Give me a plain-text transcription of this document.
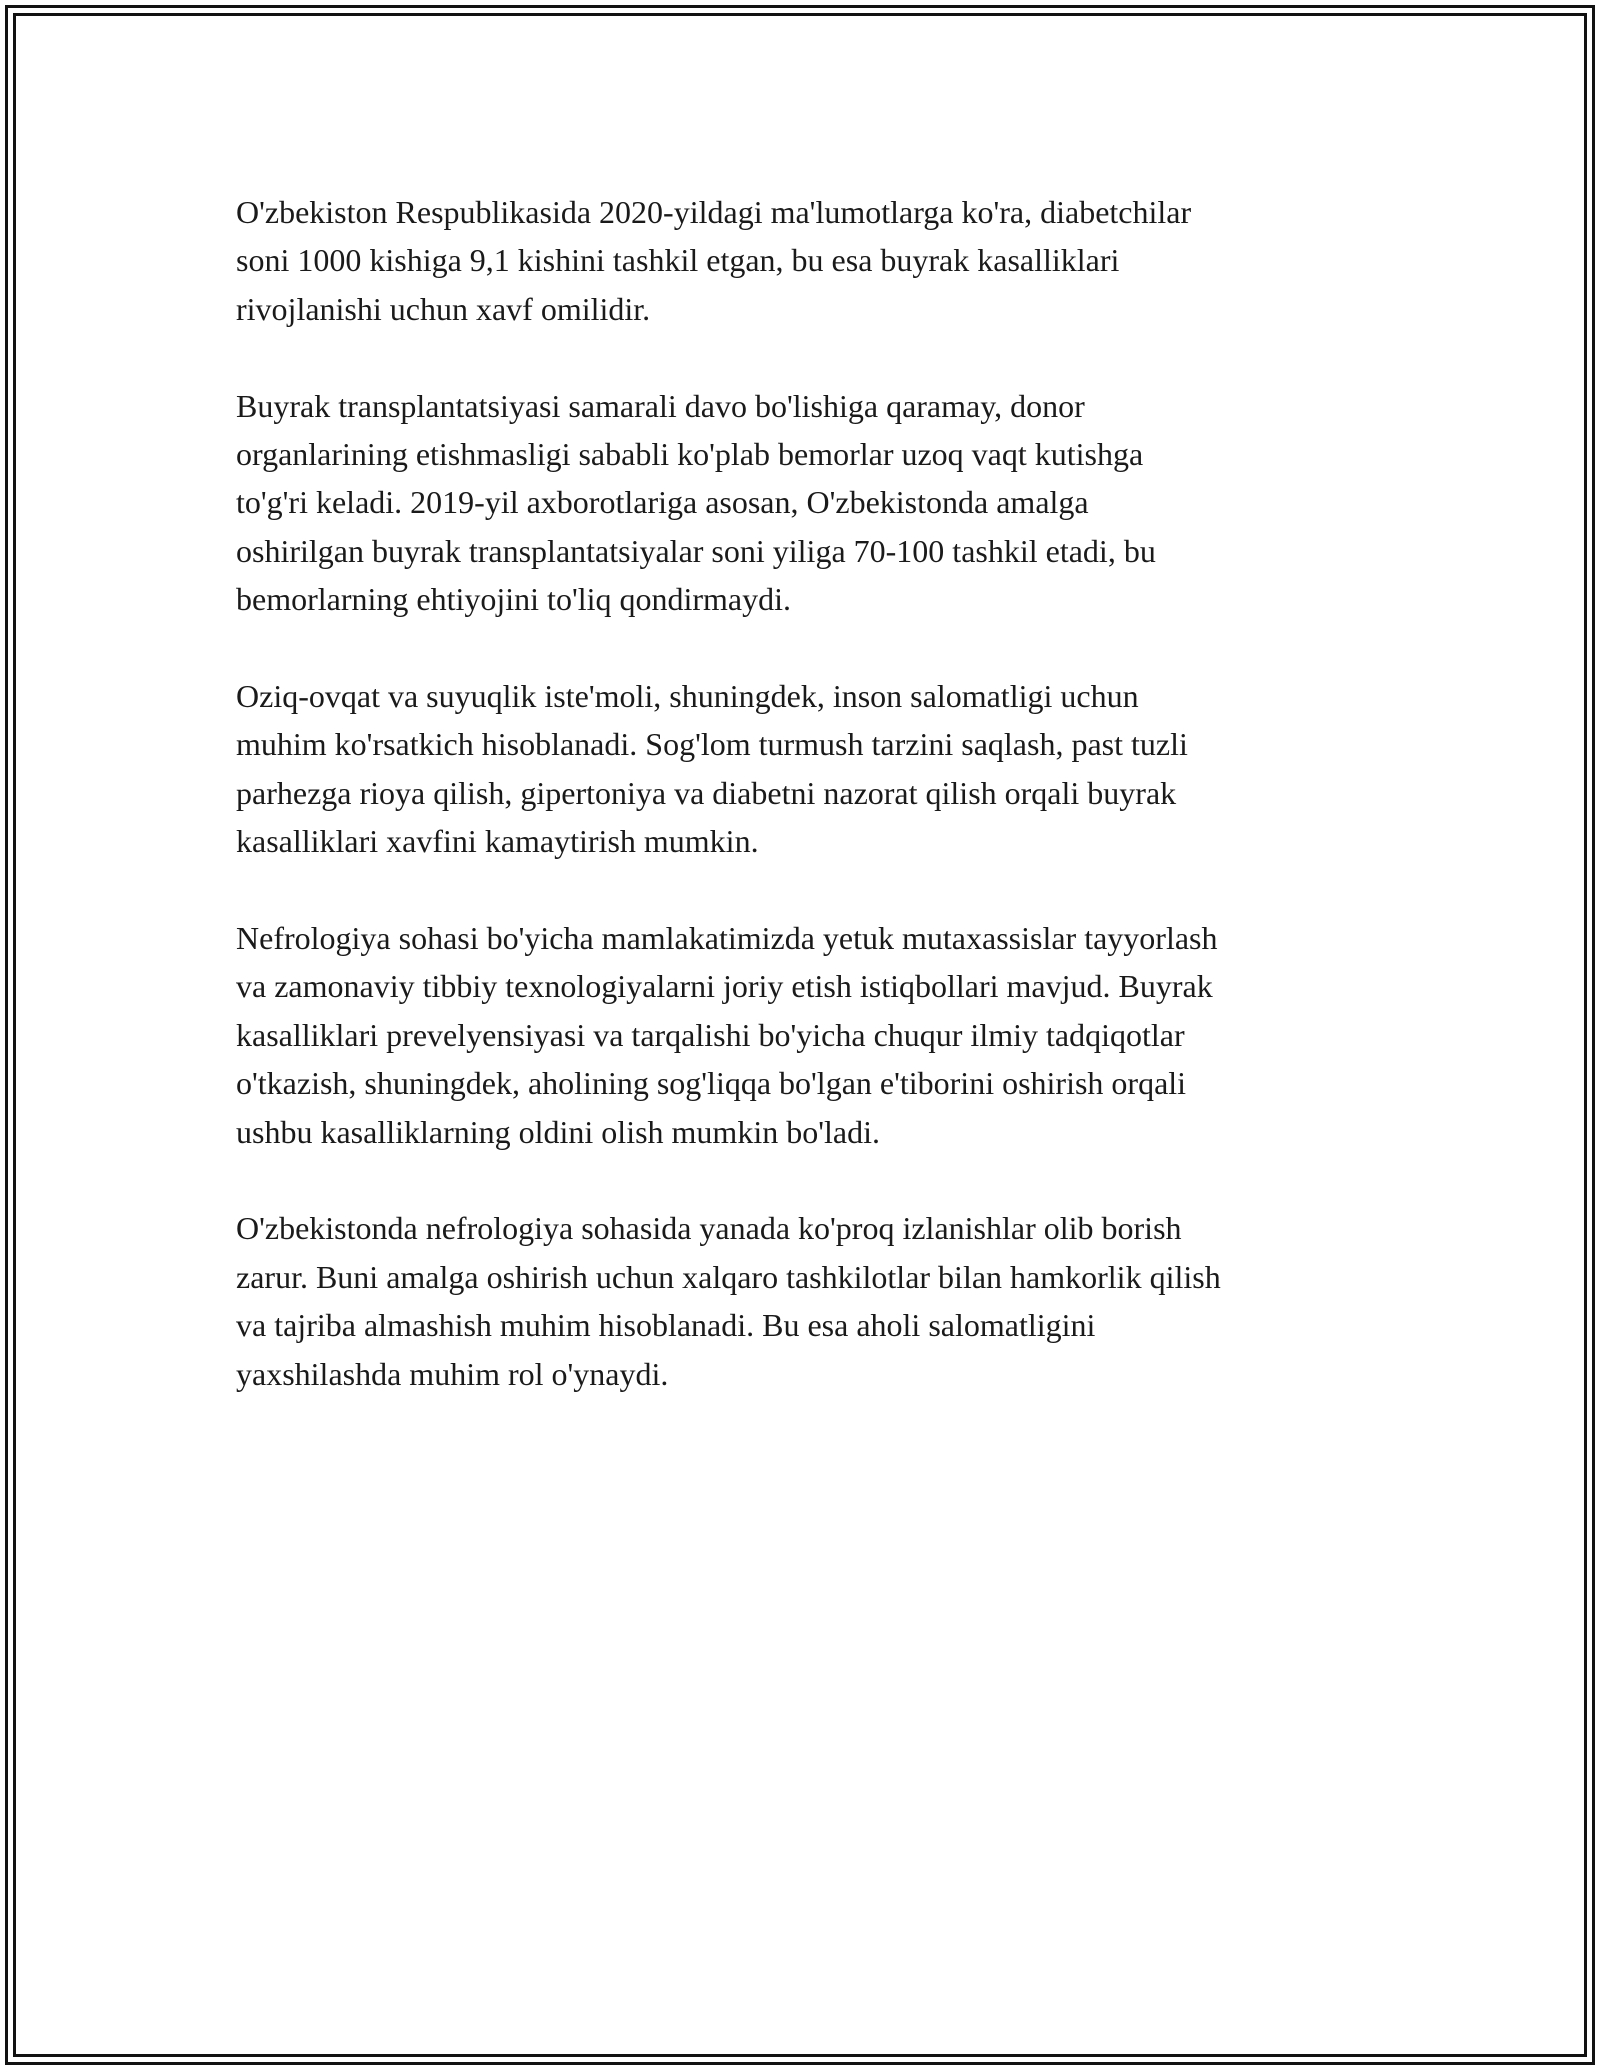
O'zbekiston Respublikasida 2020-yildagi ma'lumotlarga ko'ra, diabetchilar
soni 1000 kishiga 9,1 kishini tashkil etgan, bu esa buyrak kasalliklari
rivojlanishi uchun xavf omilidir.

Buyrak transplantatsiyasi samarali davo bo'lishiga qaramay, donor
organlarining etishmasligi sababli ko'plab bemorlar uzoq vaqt kutishga
to'g'ri keladi. 2019-yil axborotlariga asosan, O'zbekistonda amalga
oshirilgan buyrak transplantatsiyalar soni yiliga 70-100 tashkil etadi, bu
bemorlarning ehtiyojini to'liq qondirmaydi.

Oziq-ovqat va suyuqlik iste'moli, shuningdek, inson salomatligi uchun
muhim ko'rsatkich hisoblanadi. Sog'lom turmush tarzini saqlash, past tuzli
parhezga rioya qilish, gipertoniya va diabetni nazorat qilish orqali buyrak
kasalliklari xavfini kamaytirish mumkin.

Nefrologiya sohasi bo'yicha mamlakatimizda yetuk mutaxassislar tayyorlash
va zamonaviy tibbiy texnologiyalarni joriy etish istiqbollari mavjud. Buyrak
kasalliklari prevelyensiyasi va tarqalishi bo'yicha chuqur ilmiy tadqiqotlar
o'tkazish, shuningdek, aholining sog'liqqa bo'lgan e'tiborini oshirish orqali
ushbu kasalliklarning oldini olish mumkin bo'ladi.

O'zbekistonda nefrologiya sohasida yanada ko'proq izlanishlar olib borish
zarur. Buni amalga oshirish uchun xalqaro tashkilotlar bilan hamkorlik qilish
va tajriba almashish muhim hisoblanadi. Bu esa aholi salomatligini
yaxshilashda muhim rol o'ynaydi.
